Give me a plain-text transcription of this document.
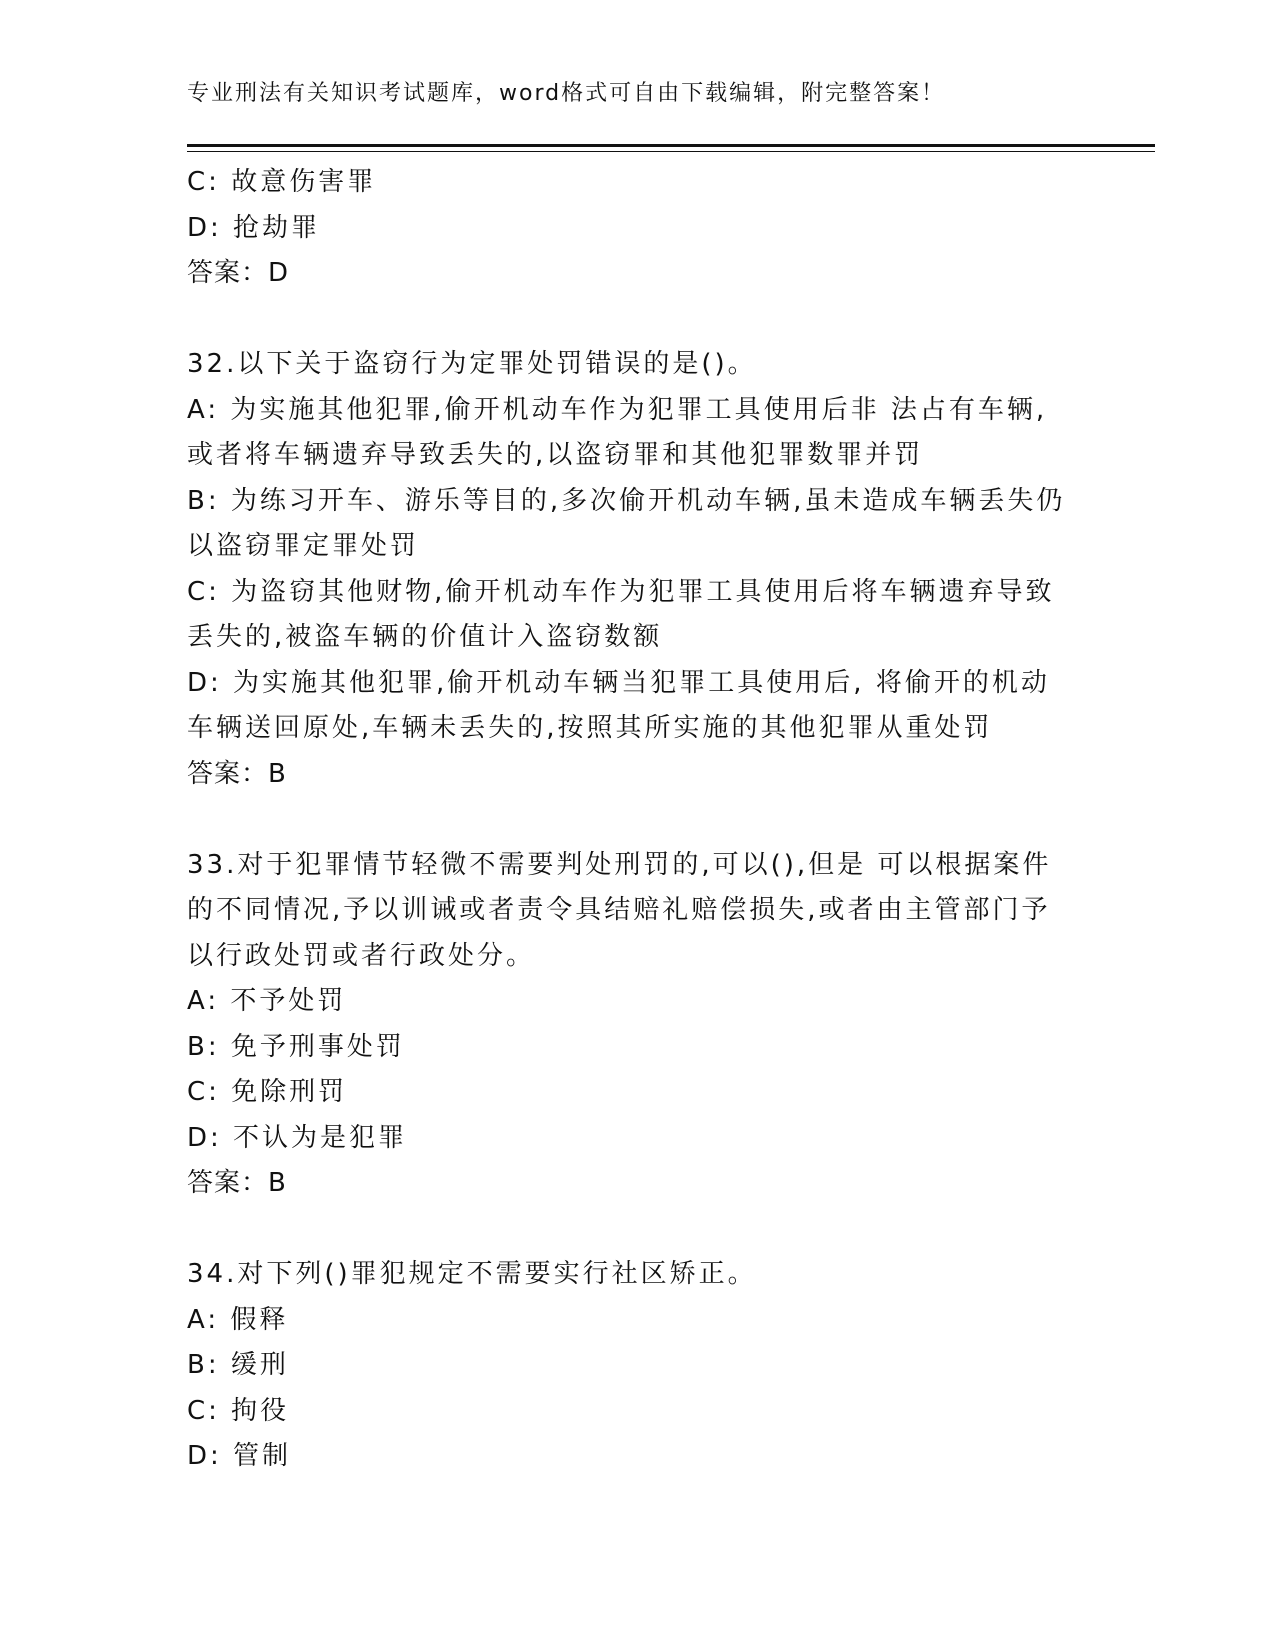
专业刑法有关知识考试题库，word格式可自由下载编辑，附完整答案！
C: 故意伤害罪
D: 抢劫罪
答案：D
32.以下关于盗窃行为定罪处罚错误的是()。
A: 为实施其他犯罪,偷开机动车作为犯罪工具使用后非 法占有车辆,
或者将车辆遗弃导致丢失的,以盗窃罪和其他犯罪数罪并罚
B: 为练习开车、游乐等目的,多次偷开机动车辆,虽未造成车辆丢失仍
以盗窃罪定罪处罚
C: 为盗窃其他财物,偷开机动车作为犯罪工具使用后将车辆遗弃导致
丢失的,被盗车辆的价值计入盗窃数额
D: 为实施其他犯罪,偷开机动车辆当犯罪工具使用后, 将偷开的机动
车辆送回原处,车辆未丢失的,按照其所实施的其他犯罪从重处罚
答案：B
33.对于犯罪情节轻微不需要判处刑罚的,可以(),但是 可以根据案件
的不同情况,予以训诫或者责令具结赔礼赔偿损失,或者由主管部门予
以行政处罚或者行政处分。
A: 不予处罚
B: 免予刑事处罚
C: 免除刑罚
D: 不认为是犯罪
答案：B
34.对下列()罪犯规定不需要实行社区矫正。
A: 假释
B: 缓刑
C: 拘役
D: 管制
